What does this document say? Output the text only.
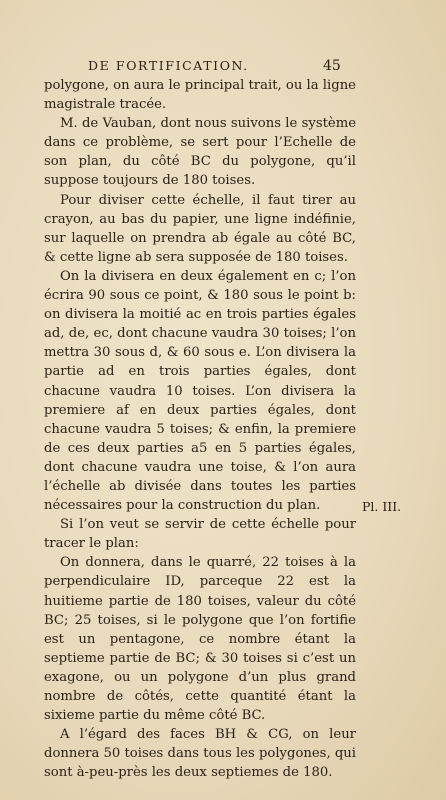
DE FORTIFICATION.	45

polygone, on aura le principal trait, ou la ligne magistrale tracée.

M. de Vauban, dont nous suivons le système dans ce problème, se sert pour l’Echelle de son plan, du côté BC du polygone, qu’il suppose toujours de 180 toises.

Pour diviser cette échelle, il faut tirer au crayon, au bas du papier, une ligne indéfinie, sur laquelle on prendra ab égale au côté BC, & cette ligne ab sera supposée de 180 toises.

On la divisera en deux également en c; l’on écrira 90 sous ce point, & 180 sous le point b: on divisera la moitié ac en trois parties égales ad, de, ec, dont chacune vaudra 30 toises; l’on mettra 30 sous d, & 60 sous e. L’on divisera la partie ad en trois parties égales, dont chacune vaudra 10 toises. L’on divisera la premiere af en deux parties égales, dont chacune vaudra 5 toises; & enfin, la premiere de ces deux parties a5 en 5 parties égales, dont chacune vaudra une toise, & l’on aura l’échelle ab divisée dans toutes les parties nécessaires pour la construction du plan.

Si l’on veut se servir de cette échelle pour tracer le plan:

On donnera, dans le quarré, 22 toises à la perpendiculaire ID, parceque 22 est la huitieme partie de 180 toises, valeur du côté BC; 25 toises, si le polygone que l’on fortifie est un pentagone, ce nombre étant la septieme partie de BC; & 30 toises si c’est un exagone, ou un polygone d’un plus grand nombre de côtés, cette quantité étant la sixieme partie du même côté BC.

A l’égard des faces BH & CG, on leur donnera 50 toises dans tous les polygones, qui sont à-peu-près les deux septiemes de 180.

Pl. III.
